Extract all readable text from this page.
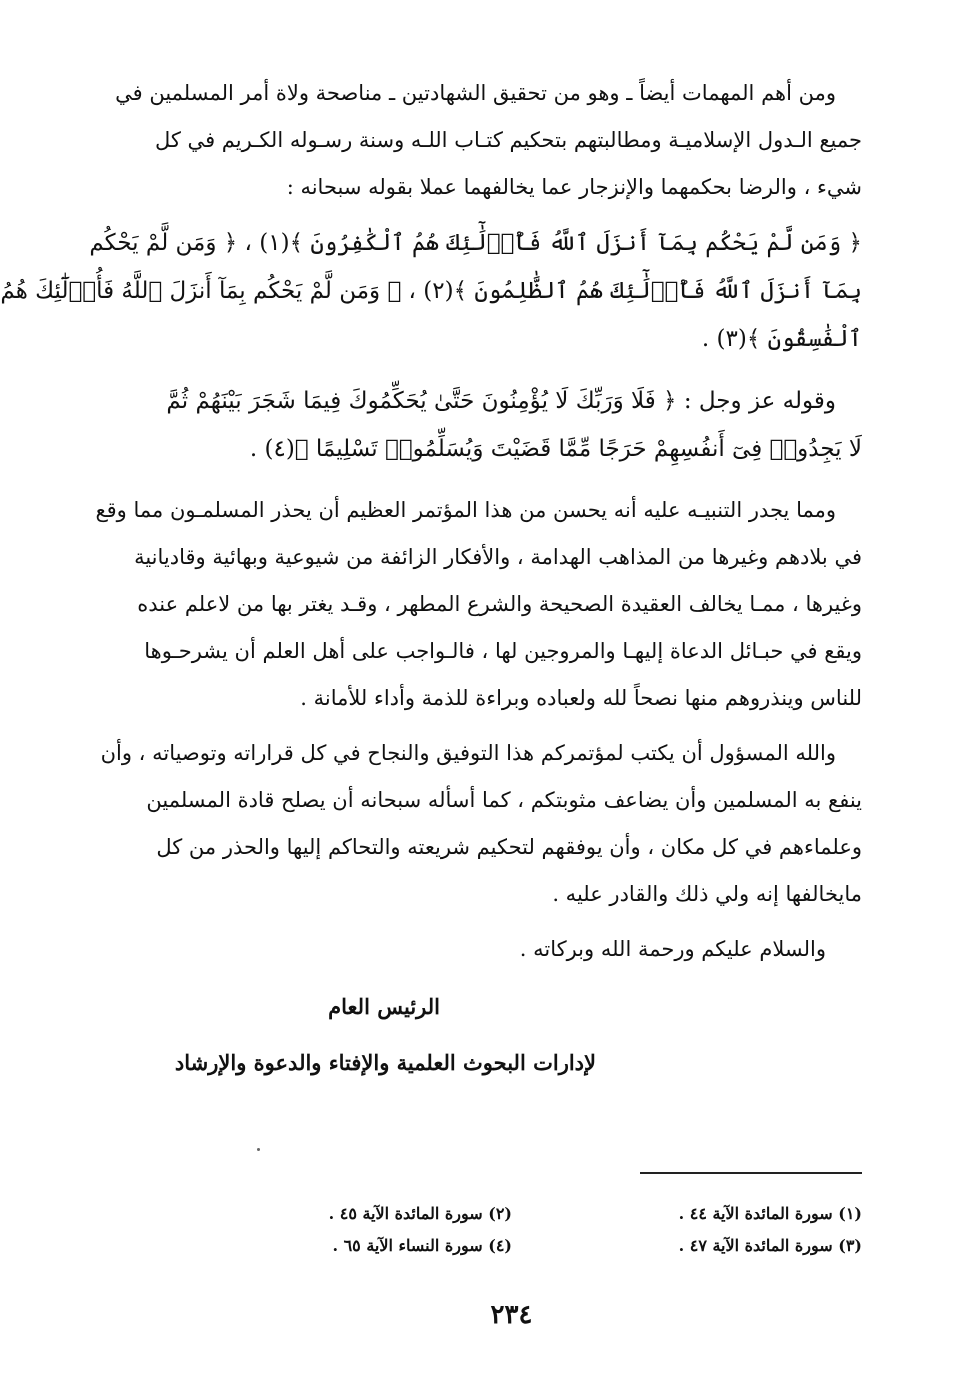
ومن أهم المهمات أيضاً ـ وهو من تحقيق الشهادتين ـ مناصحة ولاة أمر المسلمين في
جميع الـدول الإسلاميـة ومطالبتهم بتحكيم كتـاب اللـه وسنة رسـوله الكـريم في كل
شيء ، والرضا بحكمهما والإنزجار عما يخالفهما عملا بقوله سبحانه :
﴿ وَمَن لَّمْ يَحْكُم بِمَآ أَنزَلَ ٱللَّهُ فَأُو۟لَٰٓئِكَ هُمُ ٱلْكَٰفِرُونَ ﴾(١) ، ﴿ وَمَن لَّمْ يَحْكُم
بِمَآ أَنزَلَ ٱللَّهُ فَأُو۟لَٰٓئِكَ هُمُ ٱلظَّٰلِمُونَ ﴾(٢) ، ﴿ وَمَن لَّمْ يَحْكُم بِمَآ أَنزَلَ ٱللَّهُ فَأُو۟لَٰٓئِكَ هُمُ
ٱلْفَٰسِقُونَ ﴾(٣) .
وقوله عز وجل : ﴿ فَلَا وَرَبِّكَ لَا يُؤْمِنُونَ حَتَّىٰ يُحَكِّمُوكَ فِيمَا شَجَرَ بَيْنَهُمْ ثُمَّ
لَا يَجِدُوا۟ فِىٓ أَنفُسِهِمْ حَرَجًا مِّمَّا قَضَيْتَ وَيُسَلِّمُوا۟ تَسْلِيمًا ﴾(٤) .
ومما يجدر التنبيـه عليه أنه يحسن من هذا المؤتمر العظيم أن يحذر المسلمـون مما وقع
في بلادهم وغيرها من المذاهب الهدامة ، والأفكار الزائفة من شيوعية وبهائية وقاديانية
وغيرها ، ممـا يخالف العقيدة الصحيحة والشرع المطهر ، وقـد يغتر بها من لاعلم عنده
ويقع في حبـائل الدعاة إليهـا والمروجين لها ، فالـواجب على أهل العلم أن يشرحـوها
للناس وينذروهم منها نصحاً لله ولعباده وبراءة للذمة وأداء للأمانة .
والله المسؤول أن يكتب لمؤتمركم هذا التوفيق والنجاح في كل قراراته وتوصياته ، وأن
ينفع به المسلمين وأن يضاعف مثوبتكم ، كما أسأله سبحانه أن يصلح قادة المسلمين
وعلماءهم في كل مكان ، وأن يوفقهم لتحكيم شريعته والتحاكم إليها والحذر من كل
مايخالفها إنه ولي ذلك والقادر عليه .
والسلام عليكم ورحمة الله وبركاته .
الرئيس العام
لإدارات البحوث العلمية والإفتاء والدعوة والإرشاد
(١) سورة المائدة الآية ٤٤ .
(٢) سورة المائدة الآية ٤٥ .
(٣) سورة المائدة الآية ٤٧ .
(٤) سورة النساء الآية ٦٥ .
٢٣٤
